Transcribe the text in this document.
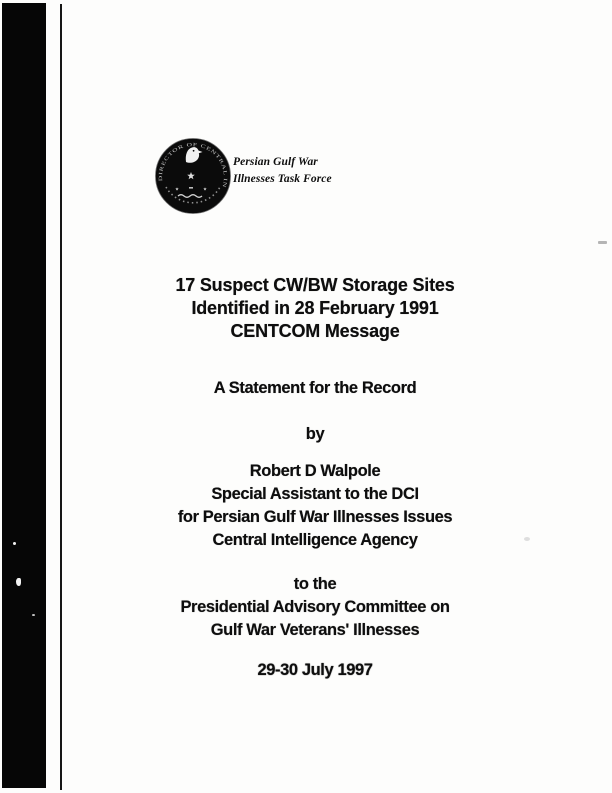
DIRECTOR OF CENTRAL IN
Persian Gulf War
Illnesses Task Force
17 Suspect CW/BW Storage Sites
Identified in 28 February 1991
CENTCOM Message
A Statement for the Record
by
Robert D Walpole
Special Assistant to the DCI
for Persian Gulf War Illnesses Issues
Central Intelligence Agency
to the
Presidential Advisory Committee on
Gulf War Veterans' Illnesses
29-30 July 1997
